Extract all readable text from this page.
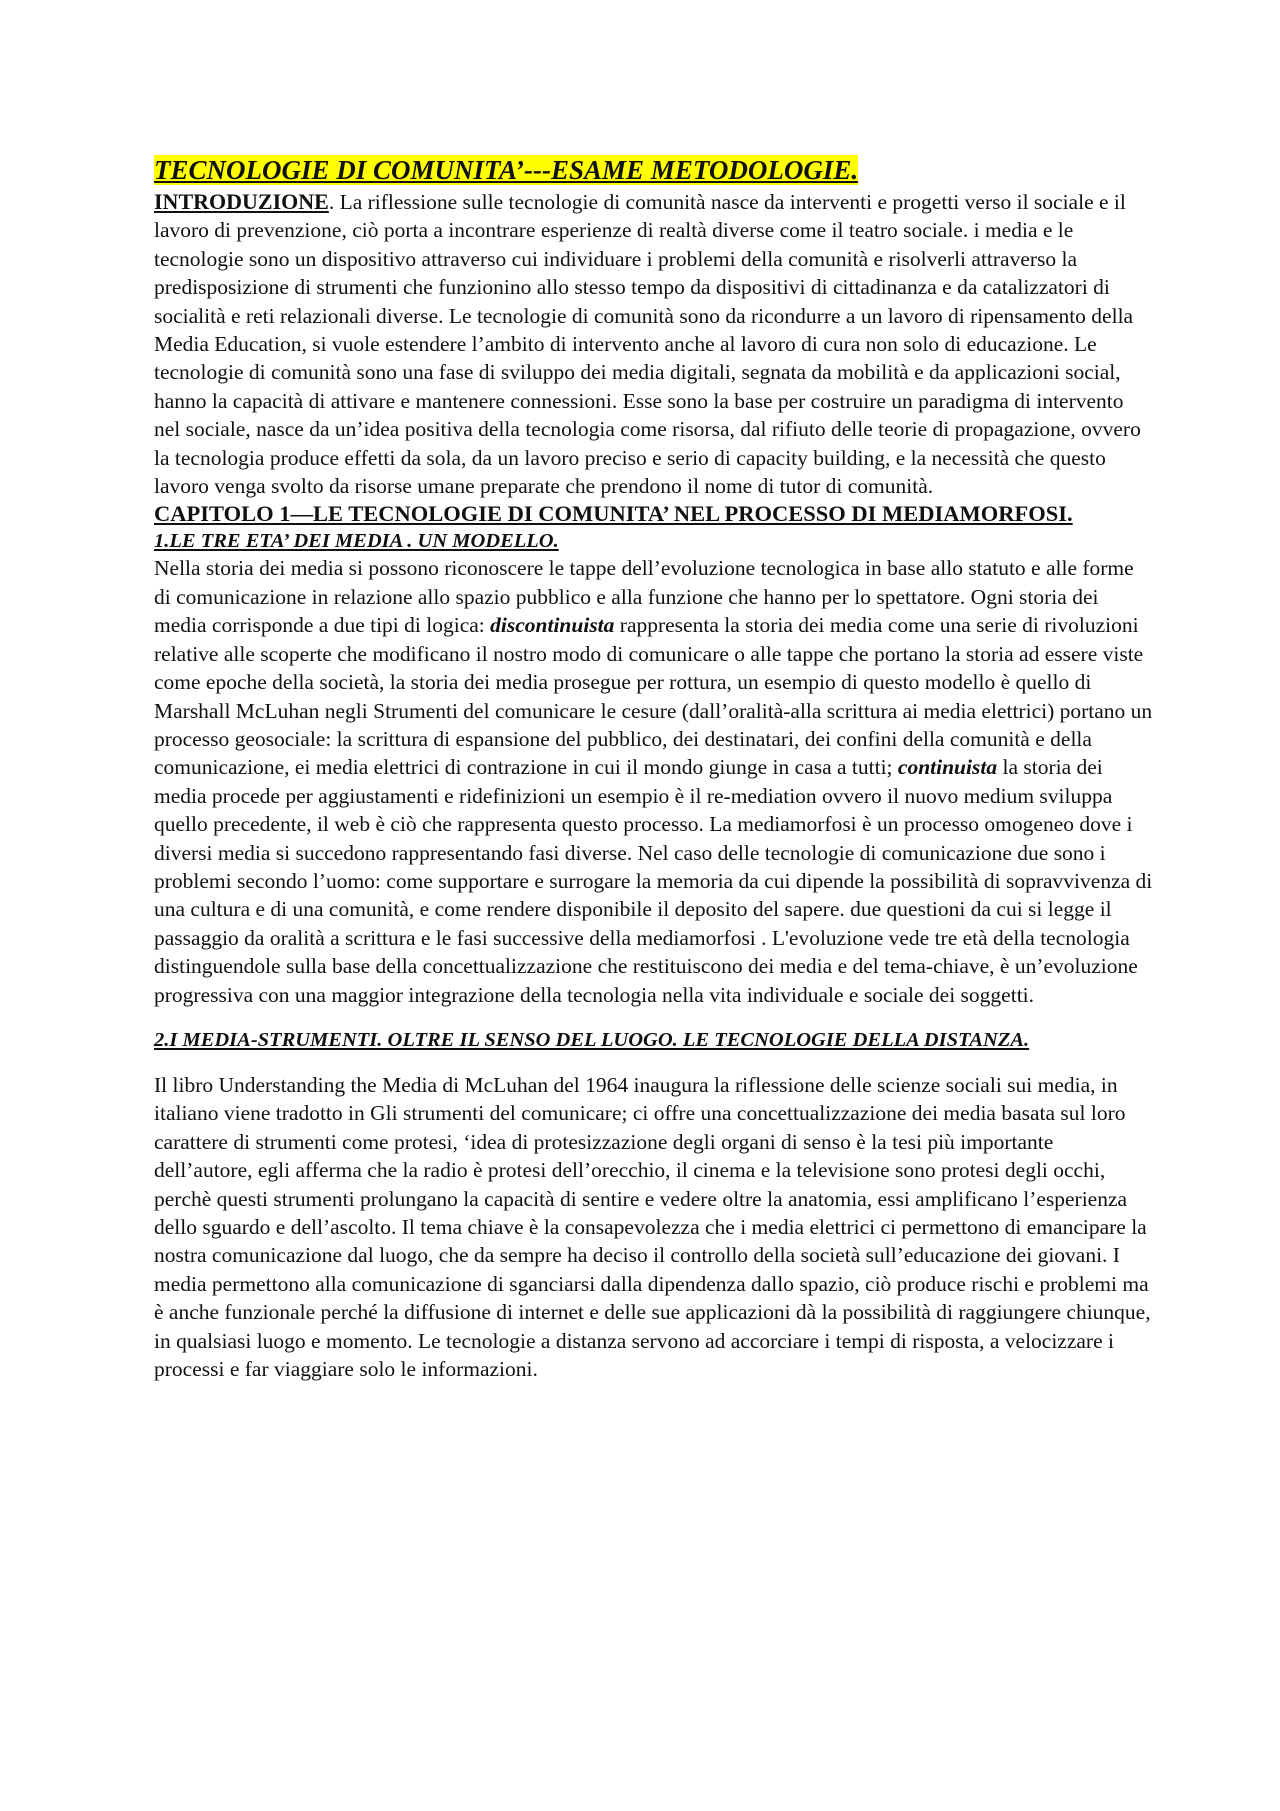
TECNOLOGIE DI COMUNITA’---ESAME METODOLOGIE.

INTRODUZIONE. La riflessione sulle tecnologie di comunità nasce da interventi e progetti verso il sociale e il lavoro di prevenzione, ciò porta a incontrare esperienze di realtà diverse come il teatro sociale. i media e le tecnologie sono un dispositivo attraverso cui individuare i problemi della comunità e risolverli attraverso la predisposizione di strumenti che funzionino allo stesso tempo da dispositivi di cittadinanza e da catalizzatori di socialità e reti relazionali diverse. Le tecnologie di comunità sono da ricondurre a un lavoro di ripensamento della Media Education, si vuole estendere l’ambito di intervento anche al lavoro di cura non solo di educazione. Le tecnologie di comunità sono una fase di sviluppo dei media digitali, segnata da mobilità e da applicazioni social, hanno la capacità di attivare e mantenere connessioni. Esse sono la base per costruire un paradigma di intervento nel sociale, nasce da un’idea positiva della tecnologia come risorsa, dal rifiuto delle teorie di propagazione, ovvero la tecnologia produce effetti da sola, da un lavoro preciso e serio di capacity building, e la necessità che questo lavoro venga svolto da risorse umane preparate che prendono il nome di tutor di comunità.

CAPITOLO 1—LE TECNOLOGIE DI COMUNITA’ NEL PROCESSO DI MEDIAMORFOSI.
1.LE TRE ETA’ DEI MEDIA . UN MODELLO.

Nella storia dei media si possono riconoscere le tappe dell’evoluzione tecnologica in base allo statuto e alle forme di comunicazione in relazione allo spazio pubblico e alla funzione che hanno per lo spettatore. Ogni storia dei media corrisponde a due tipi di logica: discontinuista rappresenta la storia dei media come una serie di rivoluzioni relative alle scoperte che modificano il nostro modo di comunicare o alle tappe che portano la storia ad essere viste come epoche della società, la storia dei media prosegue per rottura, un esempio di questo modello è quello di Marshall McLuhan negli Strumenti del comunicare le cesure (dall’oralità-alla scrittura ai media elettrici) portano un processo geosociale: la scrittura di espansione del pubblico, dei destinatari, dei confini della comunità e della comunicazione, ei media elettrici di contrazione in cui il mondo giunge in casa a tutti; continuista la storia dei media procede per aggiustamenti e ridefinizioni un esempio è il re-mediation ovvero il nuovo medium sviluppa quello precedente, il web è ciò che rappresenta questo processo. La mediamorfosi è un processo omogeneo dove i diversi media si succedono rappresentando fasi diverse. Nel caso delle tecnologie di comunicazione due sono i problemi secondo l’uomo: come supportare e surrogare la memoria da cui dipende la possibilità di sopravvivenza di una cultura e di una comunità, e come rendere disponibile il deposito del sapere. due questioni da cui si legge il passaggio da oralità a scrittura e le fasi successive della mediamorfosi . L'evoluzione vede tre età della tecnologia distinguendole sulla base della concettualizzazione che restituiscono dei media e del tema-chiave, è un’evoluzione progressiva con una maggior integrazione della tecnologia nella vita individuale e sociale dei soggetti.

2.I MEDIA-STRUMENTI. OLTRE IL SENSO DEL LUOGO. LE TECNOLOGIE DELLA DISTANZA.

Il libro Understanding the Media di McLuhan del 1964 inaugura la riflessione delle scienze sociali sui media, in italiano viene tradotto in Gli strumenti del comunicare; ci offre una concettualizzazione dei media basata sul loro carattere di strumenti come protesi, ‘idea di protesizzazione degli organi di senso è la tesi più importante dell’autore, egli afferma che la radio è protesi dell’orecchio, il cinema e la televisione sono protesi degli occhi, perchè questi strumenti prolungano la capacità di sentire e vedere oltre la anatomia, essi amplificano l’esperienza dello sguardo e dell’ascolto. Il tema chiave è la consapevolezza che i media elettrici ci permettono di emancipare la nostra comunicazione dal luogo, che da sempre ha deciso il controllo della società sull’educazione dei giovani. I media permettono alla comunicazione di sganciarsi dalla dipendenza dallo spazio, ciò produce rischi e problemi ma è anche funzionale perché la diffusione di internet e delle sue applicazioni dà la possibilità di raggiungere chiunque, in qualsiasi luogo e momento. Le tecnologie a distanza servono ad accorciare i tempi di risposta, a velocizzare i processi e far viaggiare solo le informazioni.
